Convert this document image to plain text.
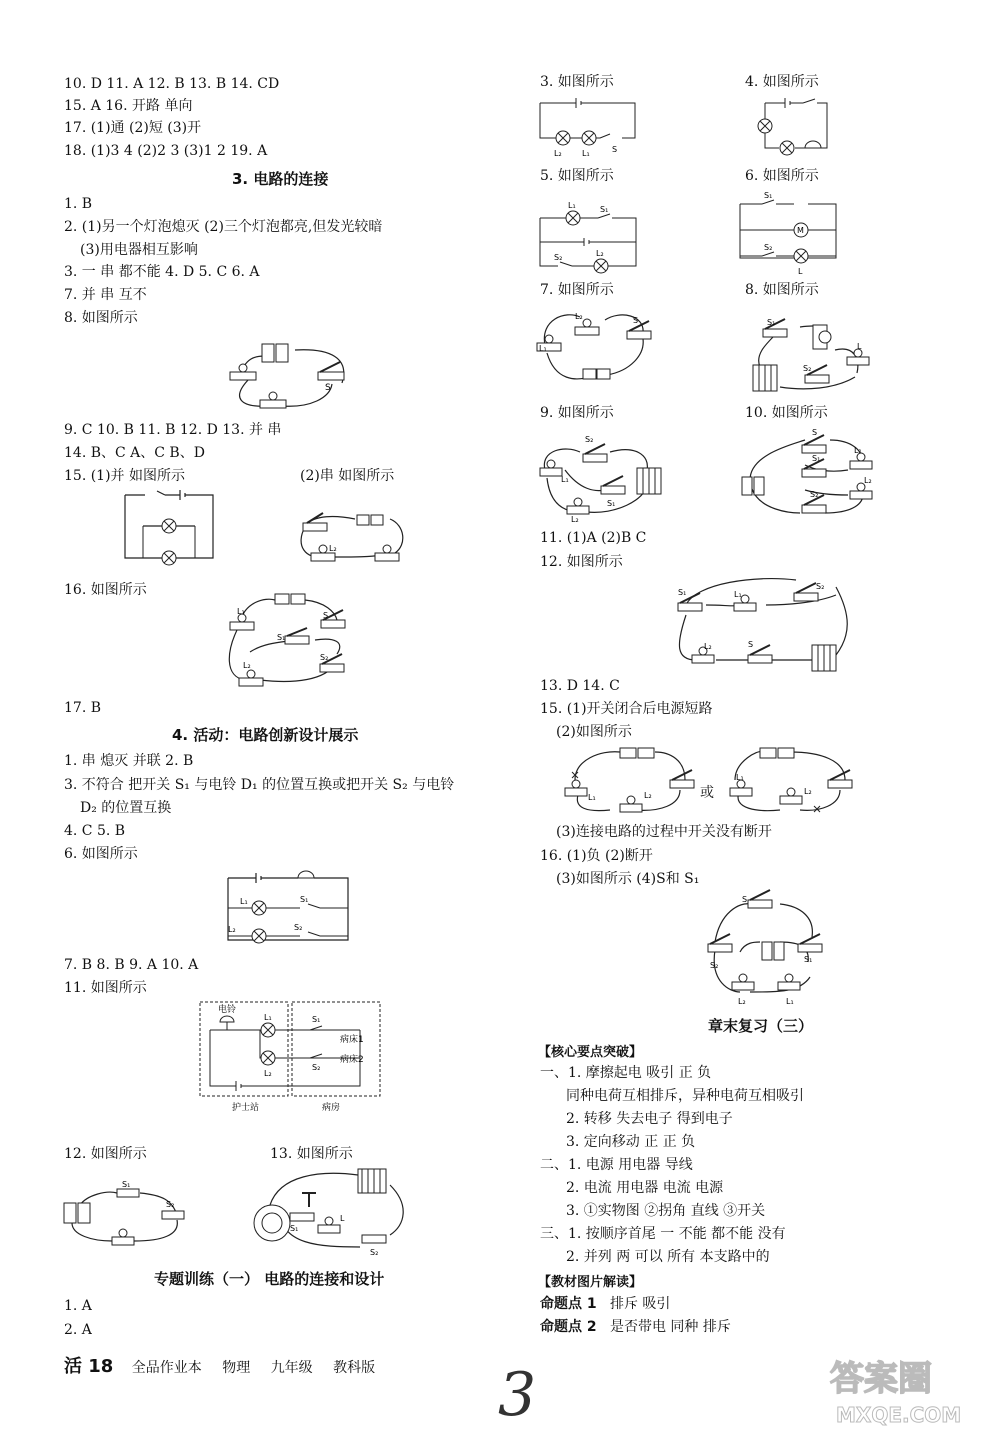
10. D 11. A 12. B 13. B 14. CD
15. A 16. 开路 单向
17. (1)通 (2)短 (3)开
18. (1)3 4 (2)2 3 (3)1 2 19. A
3. 电路的连接
1. B
2. (1)另一个灯泡熄灭 (2)三个灯泡都亮,但发光较暗
(3)用电器相互影响
3. 一 串 都不能 4. D 5. C 6. A
7. 并 串 互不
8. 如图所示
S
9. C 10. B 11. B 12. D 13. 并 串
14. B、C A、C B、D
15. (1)并 如图所示	(2)串 如图所示
L₂
16. 如图所示
L₁	S
S₁
S₂
L₂
17. B
4. 活动：电路创新设计展示
1. 串 熄灭 并联 2. B
3. 不符合 把开关 S₁ 与电铃 D₁ 的位置互换或把开关 S₂ 与电铃
D₂ 的位置互换
4. C 5. B
6. 如图所示
L₁	S₁
L₂	S₂
7. B 8. B 9. A 10. A
11. 如图所示
电铃
L₁
L₂
S₁
S₂
病床1
病床2
护士站	病房
12. 如图所示	13. 如图所示
S₁
S₂
S₁
L
S₂
专题训练（一） 电路的连接和设计
1. A
2. A
3. 如图所示	4. 如图所示
L₂	L₁	S
5. 如图所示	6. 如图所示
L₁	S₁
L₂
S₂
S₁
M
S₂
L
7. 如图所示	8. 如图所示
L₁
L₂	S	S₁
S₂
L
9. 如图所示	10. 如图所示
L₁
S₂
S₁
L₂
S
S₁
S₂
L₁
L₂
11. (1)A (2)B C
12. 如图所示
S₁	L₁
S₂
L₂	S
13. D 14. C
15. (1)开关闭合后电源短路
(2)如图所示
L₁	L₂	或
L₁
L₂
(3)连接电路的过程中开关没有断开
16. (1)负 (2)断开
(3)如图所示 (4)S和 S₁
S
S₂
S₁
L₂	L₁
章末复习（三）
【核心要点突破】
一、1. 摩擦起电 吸引 正 负
同种电荷互相排斥，异种电荷互相吸引
2. 转移 失去电子 得到电子
3. 定向移动 正 正 负
二、1. 电源 用电器 导线
2. 电流 用电器 电流 电源
3. ①实物图 ②拐角 直线 ③开关
三、1. 按顺序首尾 一 不能 都不能 没有
2. 并列 两 可以 所有 本支路中的
【教材图片解读】
命题点 1 排斥 吸引
命题点 2 是否带电 同种 排斥
活 18 全品作业本 物理 九年级 教科版 3	答案圈
MXQE.COM
